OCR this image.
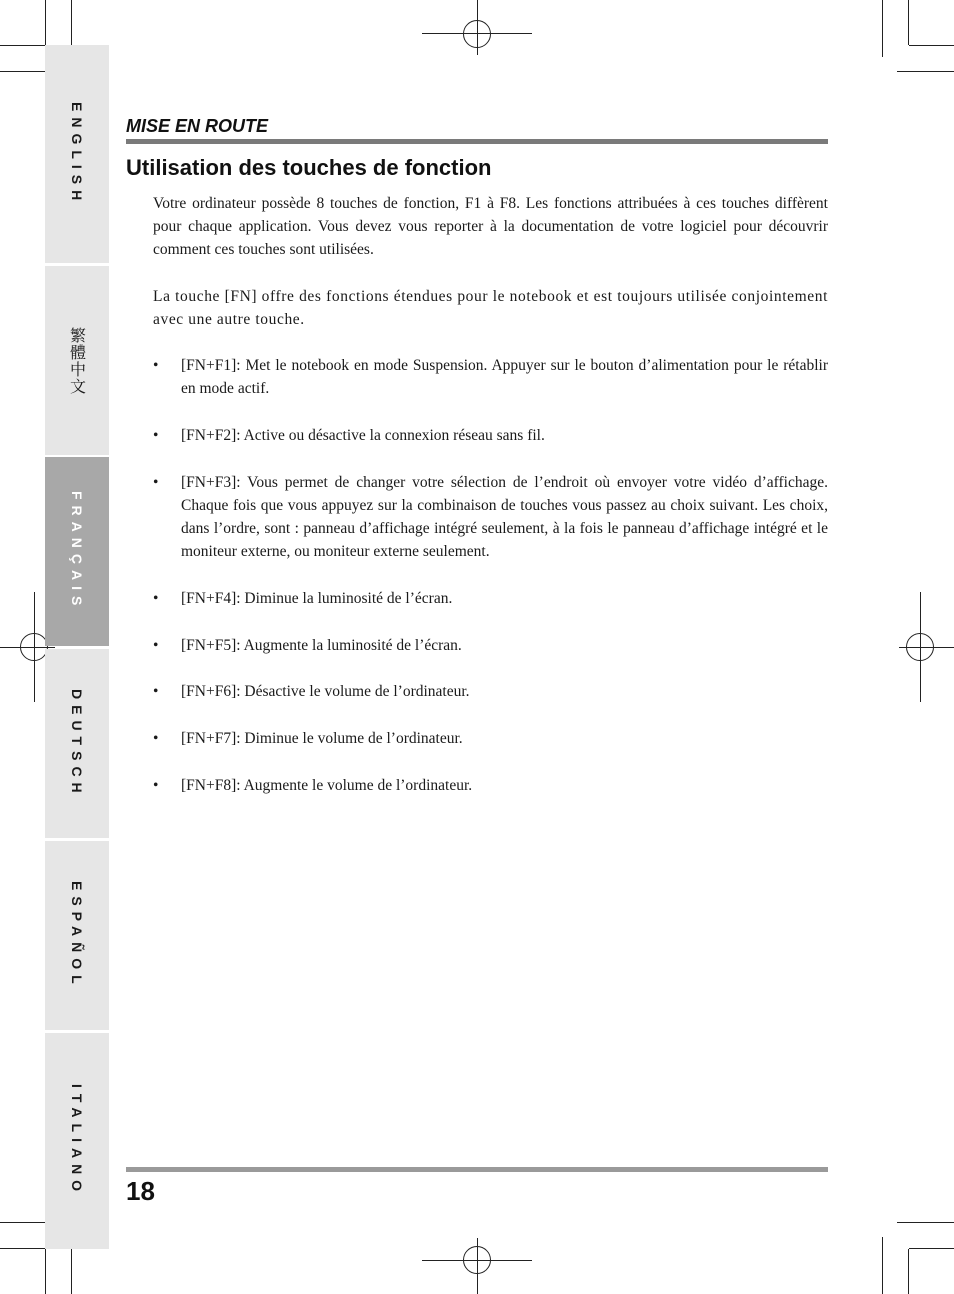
ENGLISH
繁體中文
FRANÇAIS
DEUTSCH
ESPAÑOL
ITALIANO
MISE EN ROUTE
Utilisation des touches de fonction

Votre ordinateur possède 8 touches de fonction, F1 à F8. Les fonctions attribuées à ces touches diffèrent pour chaque application. Vous devez vous reporter à la documentation de votre logiciel pour découvrir comment ces touches sont utilisées.

La touche [FN] offre des fonctions étendues pour le notebook et est toujours utilisée conjointement avec une autre touche.

• [FN+F1]: Met le notebook en mode Suspension. Appuyer sur le bouton d’alimentation pour le rétablir en mode actif.
• [FN+F2]: Active ou désactive la connexion réseau sans fil.
• [FN+F3]: Vous permet de changer votre sélection de l’endroit où envoyer votre vidéo d’affichage. Chaque fois que vous appuyez sur la combinaison de touches vous passez au choix suivant. Les choix, dans l’ordre, sont : panneau d’affichage intégré seulement, à la fois le panneau d’affichage intégré et le moniteur externe, ou moniteur externe seulement.
• [FN+F4]: Diminue la luminosité de l’écran.
• [FN+F5]: Augmente la luminosité de l’écran.
• [FN+F6]: Désactive le volume de l’ordinateur.
• [FN+F7]: Diminue le volume de l’ordinateur.
• [FN+F8]: Augmente le volume de l’ordinateur.
18
